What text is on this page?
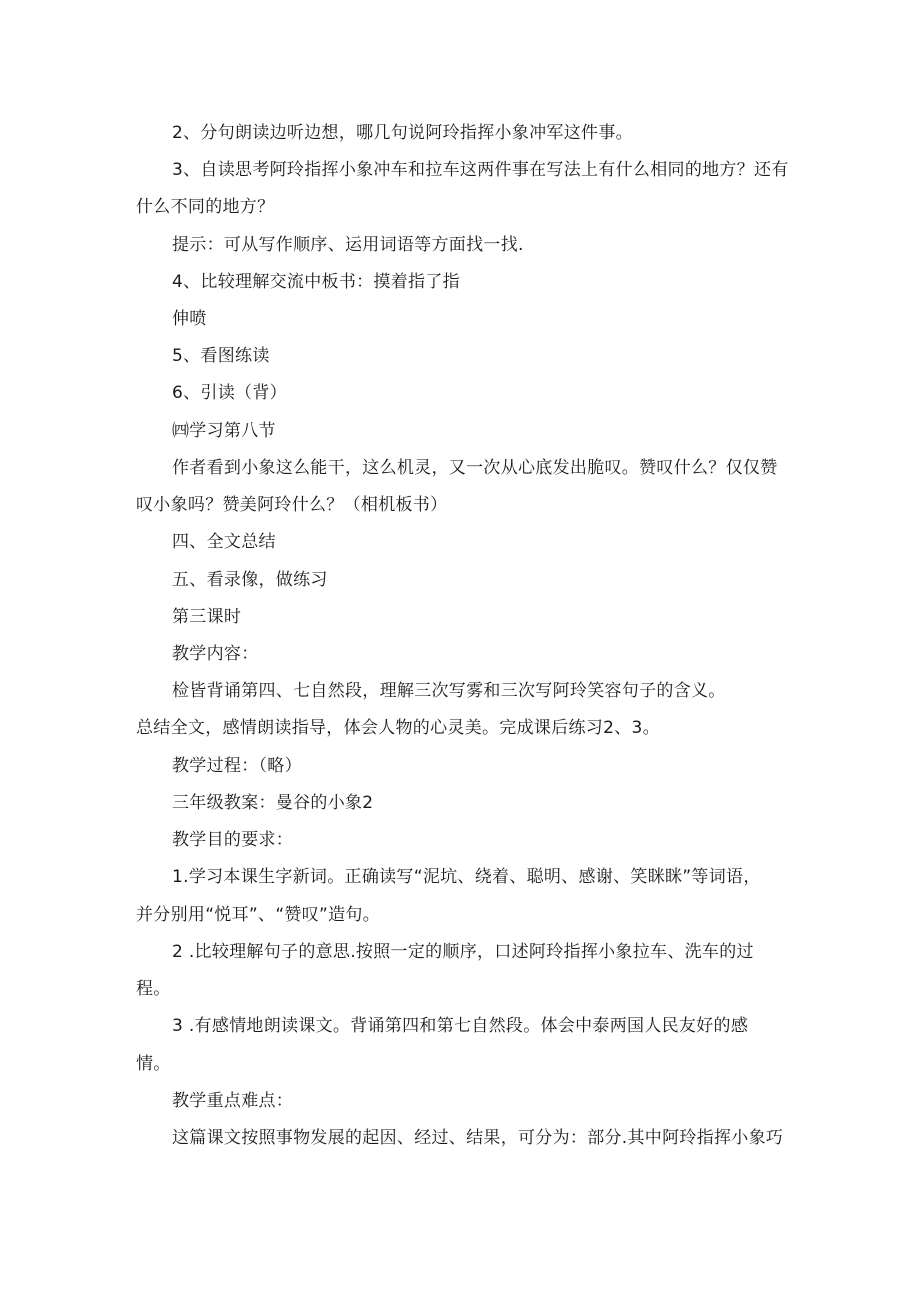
2、分句朗读边听边想，哪几句说阿玲指挥小象冲军这件事。
3、自读思考阿玲指挥小象冲车和拉车这两件事在写法上有什么相同的地方？还有
什么不同的地方？
提示：可从写作顺序、运用词语等方面找一找.
4、比较理解交流中板书：摸着指了指
伸喷
5、看图练读
6、引读（背）
㈣学习第八节
作者看到小象这么能干，这么机灵，又一次从心底发出脆叹。赞叹什么？仅仅赞
叹小象吗？赞美阿玲什么？（相机板书）
四、全文总结
五、看录像，做练习
第三课时
教学内容：
检皆背诵第四、七自然段，理解三次写雾和三次写阿玲笑容句子的含义。
总结全文，感情朗读指导，体会人物的心灵美。完成课后练习2、3。
教学过程：（略）
三年级教案：曼谷的小象2
教学目的要求：
1.学习本课生字新词。正确读写“泥坑、绕着、聪明、感谢、笑眯眯”等词语，
并分别用“悦耳”、“赞叹”造句。
2 .比较理解句子的意思.按照一定的顺序，口述阿玲指挥小象拉车、洗车的过
程。
3 .有感情地朗读课文。背诵第四和第七自然段。体会中泰两国人民友好的感
情。
教学重点难点：
这篇课文按照事物发展的起因、经过、结果，可分为：部分.其中阿玲指挥小象巧
